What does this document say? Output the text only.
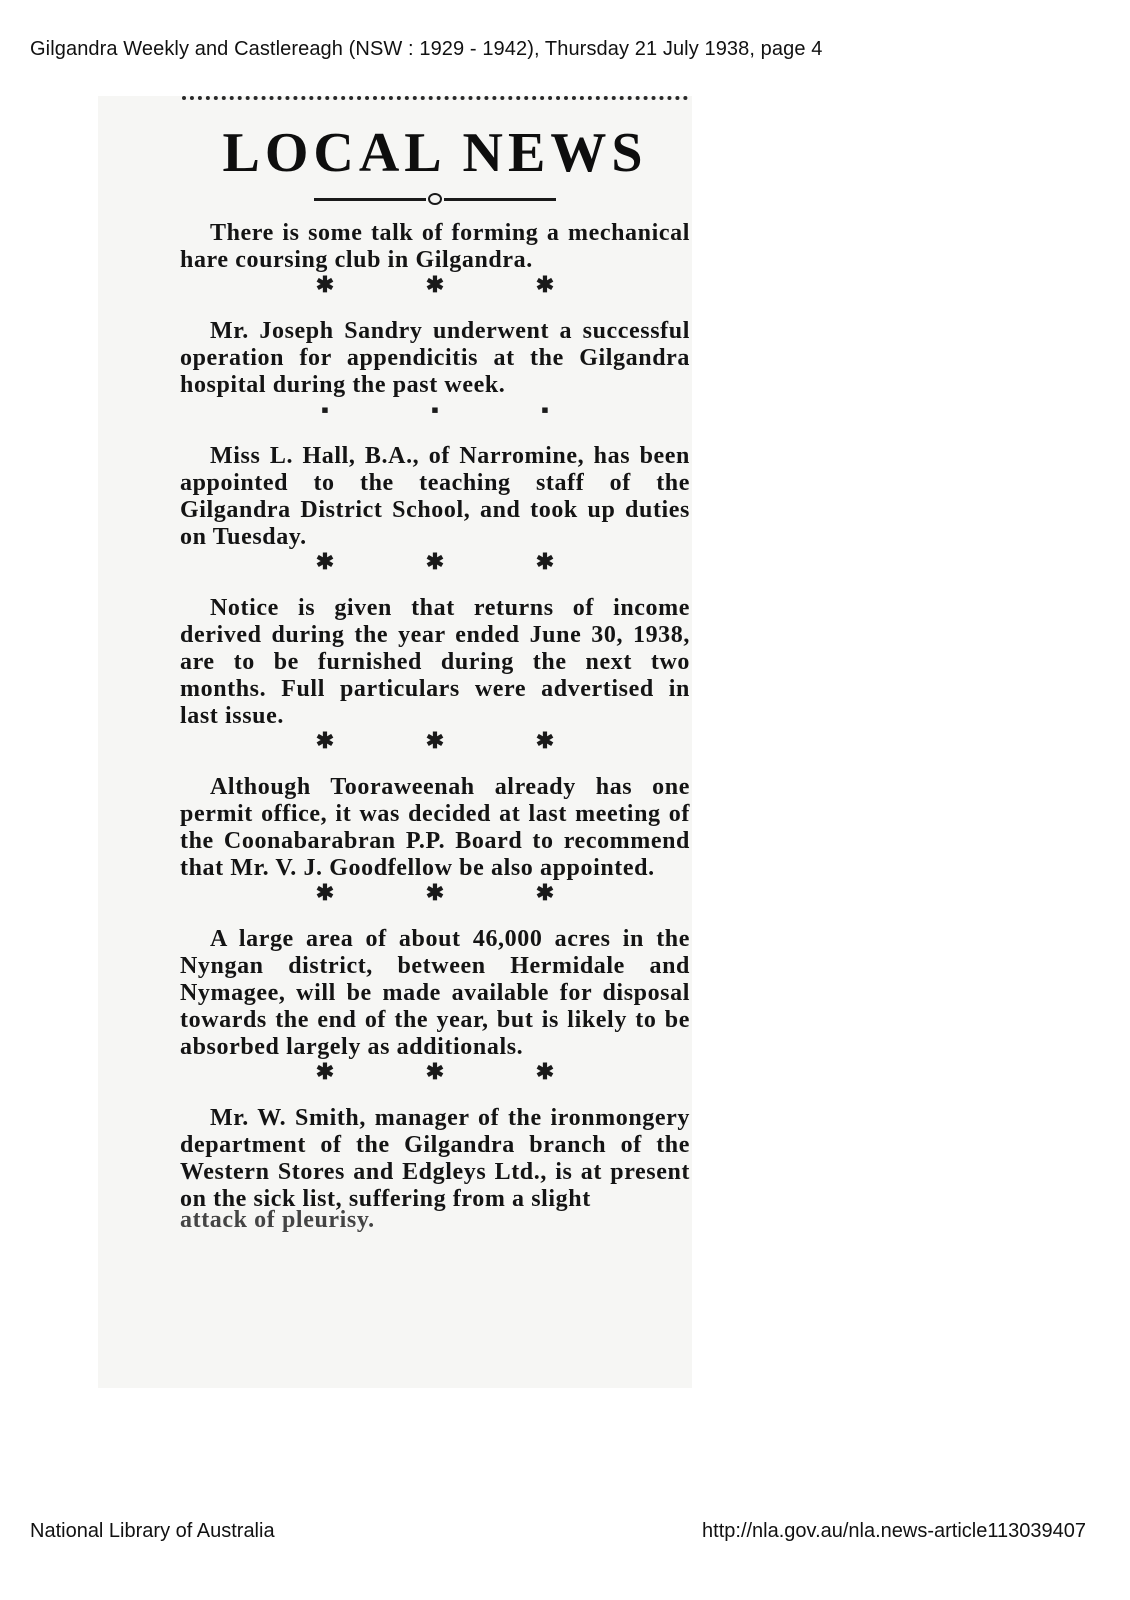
Gilgandra Weekly and Castlereagh (NSW : 1929 - 1942), Thursday 21 July 1938, page 4
LOCAL NEWS

There is some talk of forming a mechanical hare coursing club in Gilgandra.

✱	✱	✱

Mr. Joseph Sandry underwent a successful operation for appendicitis at the Gilgandra hospital during the past week.

▪	▪	▪

Miss L. Hall, B.A., of Narromine, has been appointed to the teaching staff of the Gilgandra District School, and took up duties on Tuesday.

✱	✱	✱

Notice is given that returns of income derived during the year ended June 30, 1938, are to be furnished during the next two months. Full particulars were advertised in last issue.

✱	✱	✱

Although Tooraweenah already has one permit office, it was decided at last meeting of the Coonabarabran P.P. Board to recommend that Mr. V. J. Goodfellow be also appointed.

✱	✱	✱

A large area of about 46,000 acres in the Nyngan district, between Hermidale and Nymagee, will be made available for disposal towards the end of the year, but is likely to be absorbed largely as additionals.

✱	✱	✱

Mr. W. Smith, manager of the ironmongery department of the Gilgandra branch of the Western Stores and Edgleys Ltd., is at present on the sick list, suffering from a slight

attack of pleurisy.
National Library of Australia	http://nla.gov.au/nla.news-article113039407
